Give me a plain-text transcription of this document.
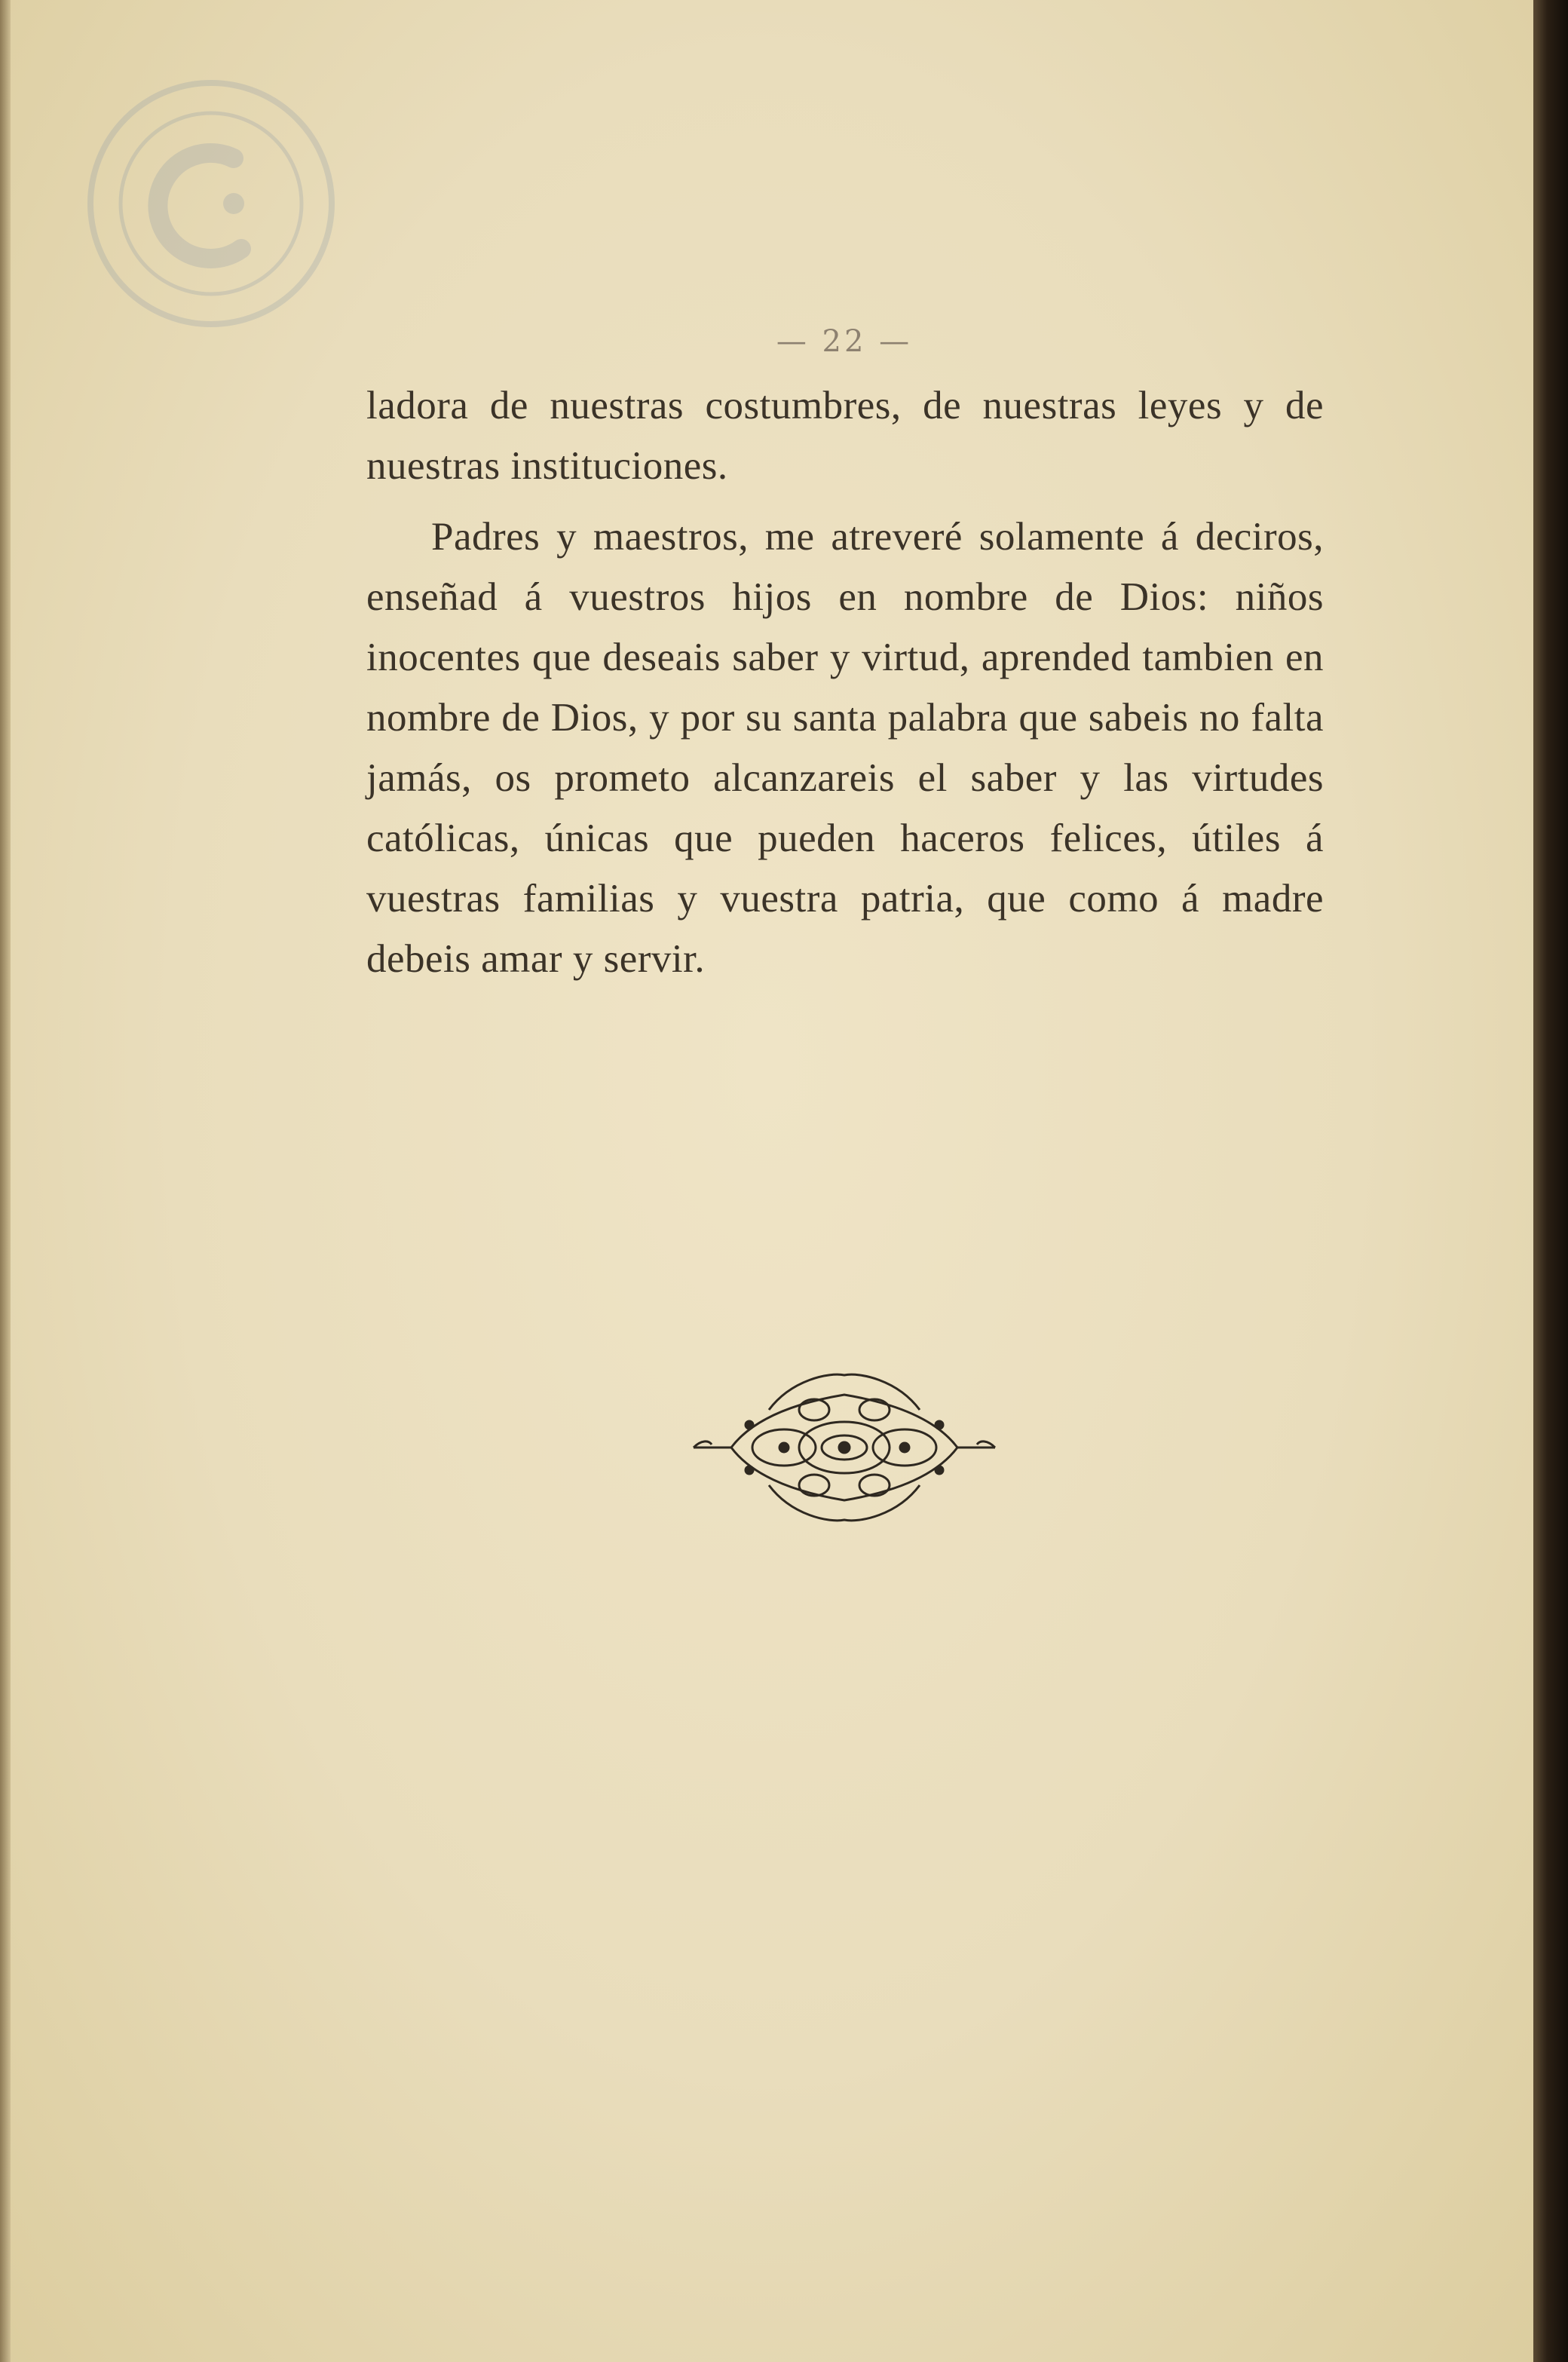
— 22 —

ladora de nuestras costumbres, de nuestras leyes y de nuestras instituciones.

Padres y maestros, me atreveré solamente á deciros, enseñad á vuestros hijos en nombre de Dios: niños inocentes que deseais saber y virtud, aprended tambien en nombre de Dios, y por su santa palabra que sabeis no falta jamás, os prometo alcanzareis el saber y las virtudes católicas, únicas que pueden haceros felices, útiles á vuestras familias y vuestra patria, que como á madre debeis amar y servir.
